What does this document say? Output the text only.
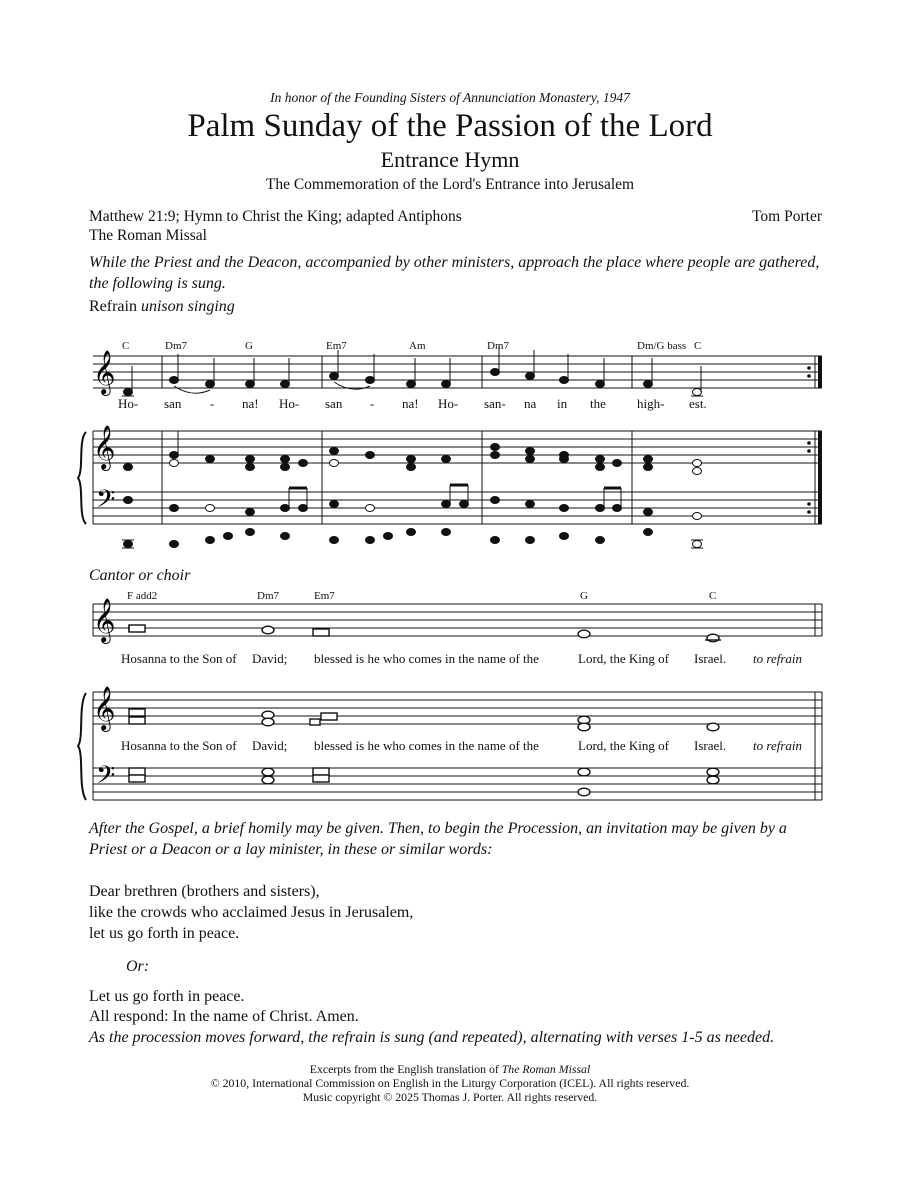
In honor of the Founding Sisters of Annunciation Monastery, 1947
Palm Sunday of the Passion of the Lord
Entrance Hymn
The Commemoration of the Lord's Entrance into Jerusalem
Matthew 21:9; Hymn to Christ the King; adapted Antiphons
The Roman Missal
Tom Porter
While the Priest and the Deacon, accompanied by other ministers, approach the place where people are gathered, the following is sung.
Refrain unison singing
𝄞
𝄞
𝄢
C	Dm7	G	Em7	Am	Dm7	Dm/G bass C
Ho- san - na! Ho- san - na! Ho- san- na in the high- est.
Cantor or choir
𝄞
𝄞
𝄢
F add2	Dm7	Em7	G	C
Hosanna to the Son of David; blessed is he who comes in the name of the	Lord, the King of Israel. to refrain
Hosanna to the Son of David; blessed is he who comes in the name of the	Lord, the King of Israel. to refrain
After the Gospel, a brief homily may be given. Then, to begin the Procession, an invitation may be given by a Priest or a Deacon or a lay minister, in these or similar words:
Dear brethren (brothers and sisters),
like the crowds who acclaimed Jesus in Jerusalem,
let us go forth in peace.
Or:
Let us go forth in peace.
All respond: In the name of Christ. Amen.
As the procession moves forward, the refrain is sung (and repeated), alternating with verses 1-5 as needed.
Excerpts from the English translation of The Roman Missal
© 2010, International Commission on English in the Liturgy Corporation (ICEL). All rights reserved.
Music copyright © 2025 Thomas J. Porter. All rights reserved.
